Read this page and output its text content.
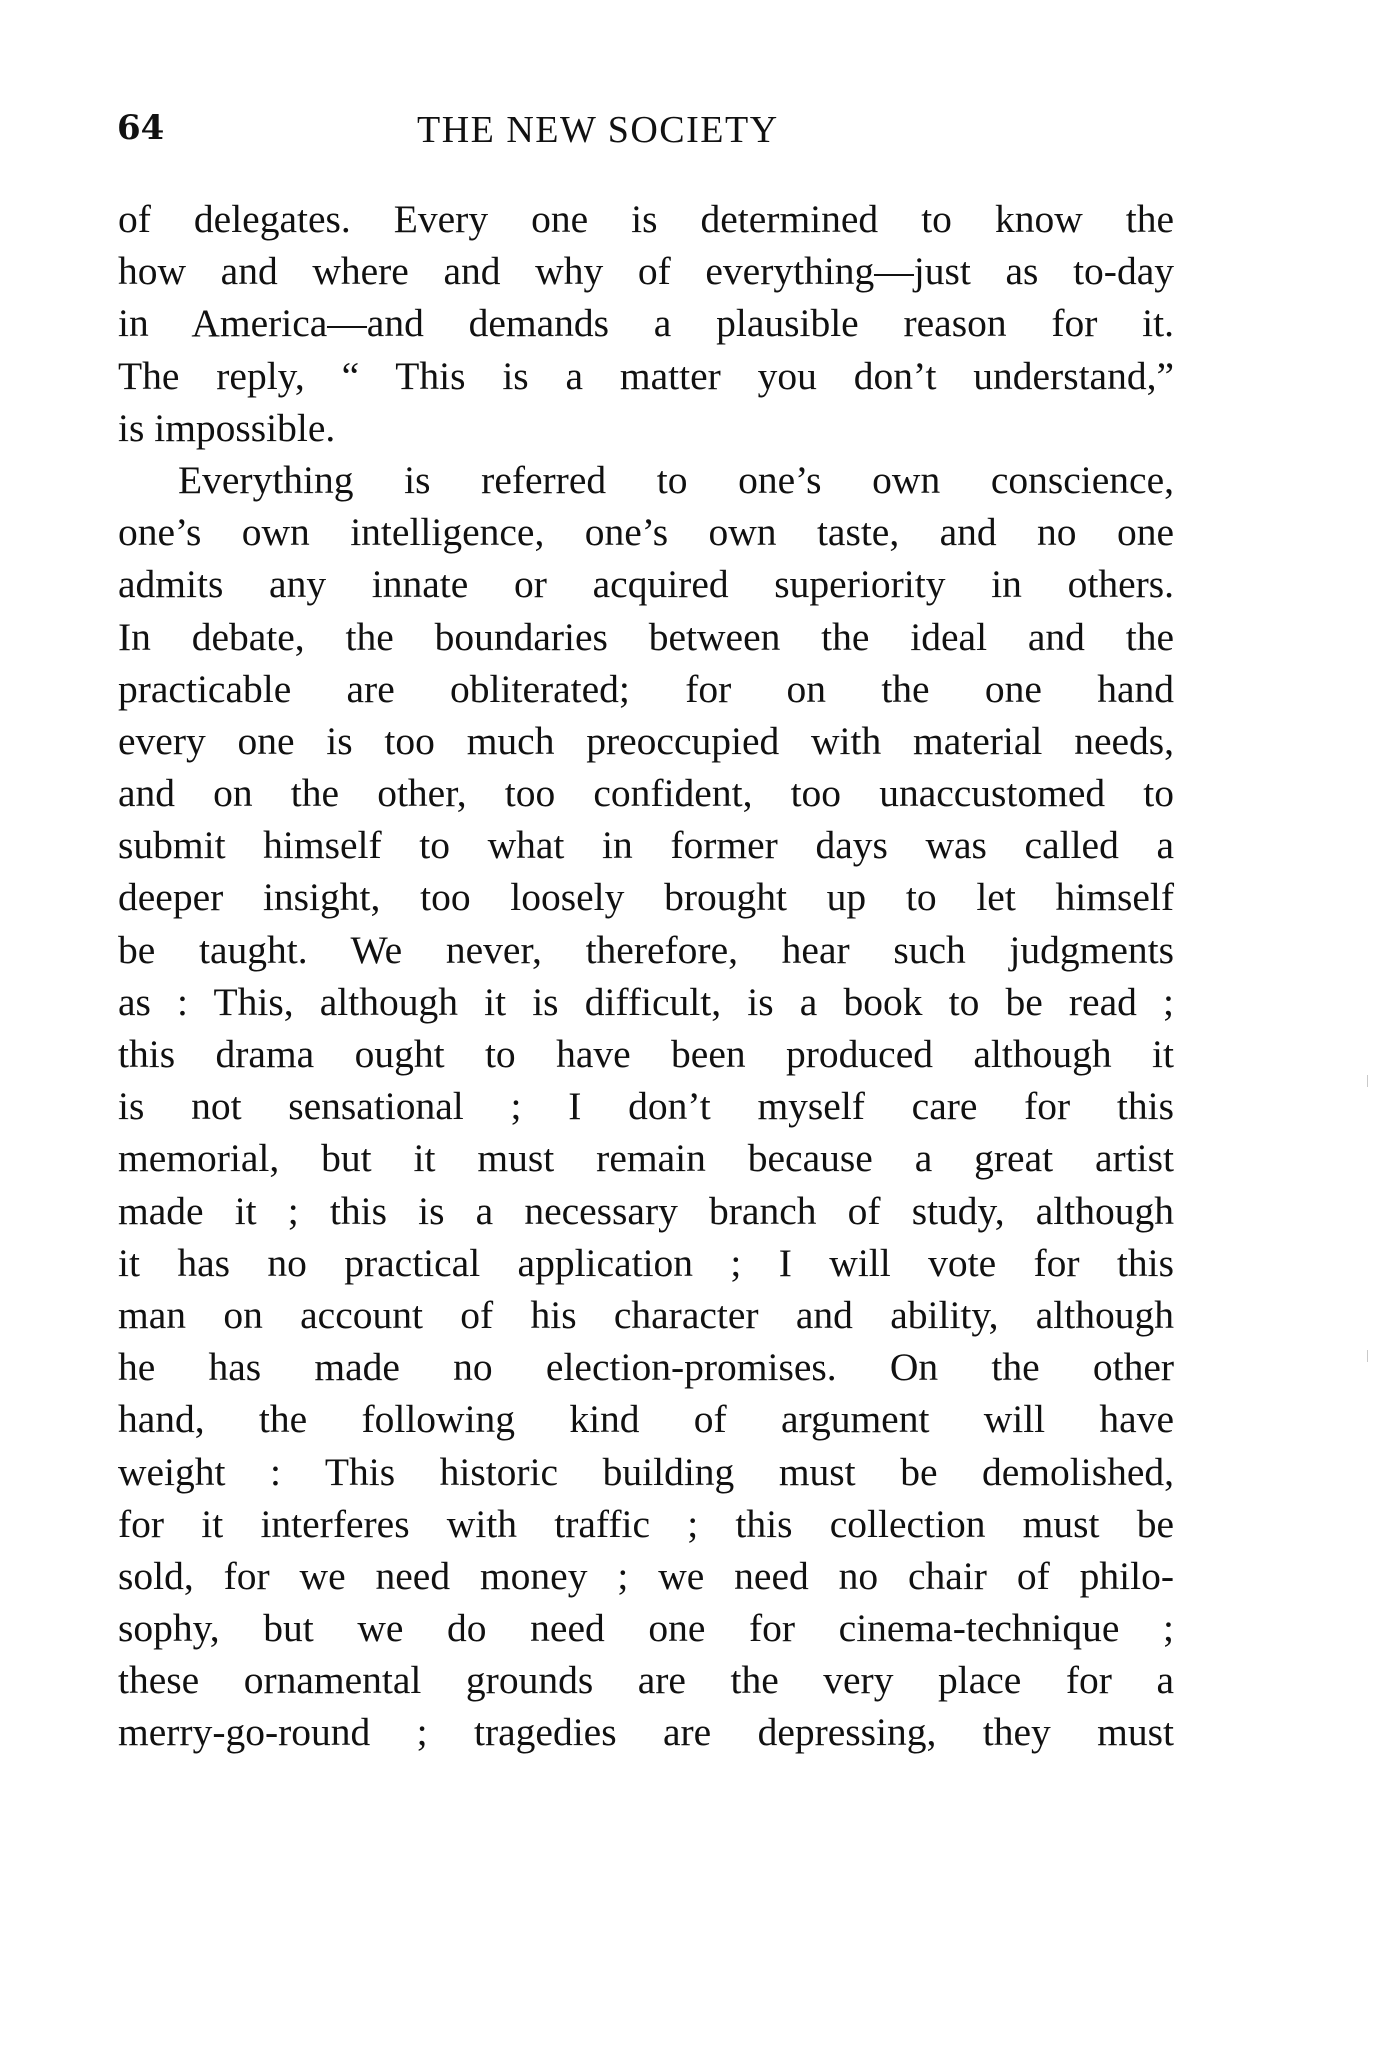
64	THE NEW SOCIETY
of delegates. Every one is determined to know the
how and where and why of everything—just as to-day
in America—and demands a plausible reason for it.
The reply, “ This is a matter you don’t understand,”
is impossible.
Everything is referred to one’s own conscience,
one’s own intelligence, one’s own taste, and no one
admits any innate or acquired superiority in others.
In debate, the boundaries between the ideal and the
practicable are obliterated; for on the one hand
every one is too much preoccupied with material needs,
and on the other, too confident, too unaccustomed to
submit himself to what in former days was called a
deeper insight, too loosely brought up to let himself
be taught. We never, therefore, hear such judgments
as : This, although it is difficult, is a book to be read ;
this drama ought to have been produced although it
is not sensational ; I don’t myself care for this
memorial, but it must remain because a great artist
made it ; this is a necessary branch of study, although
it has no practical application ; I will vote for this
man on account of his character and ability, although
he has made no election-promises. On the other
hand, the following kind of argument will have
weight : This historic building must be demolished,
for it interferes with traffic ; this collection must be
sold, for we need money ; we need no chair of philo-
sophy, but we do need one for cinema-technique ;
these ornamental grounds are the very place for a
merry-go-round ; tragedies are depressing, they must
